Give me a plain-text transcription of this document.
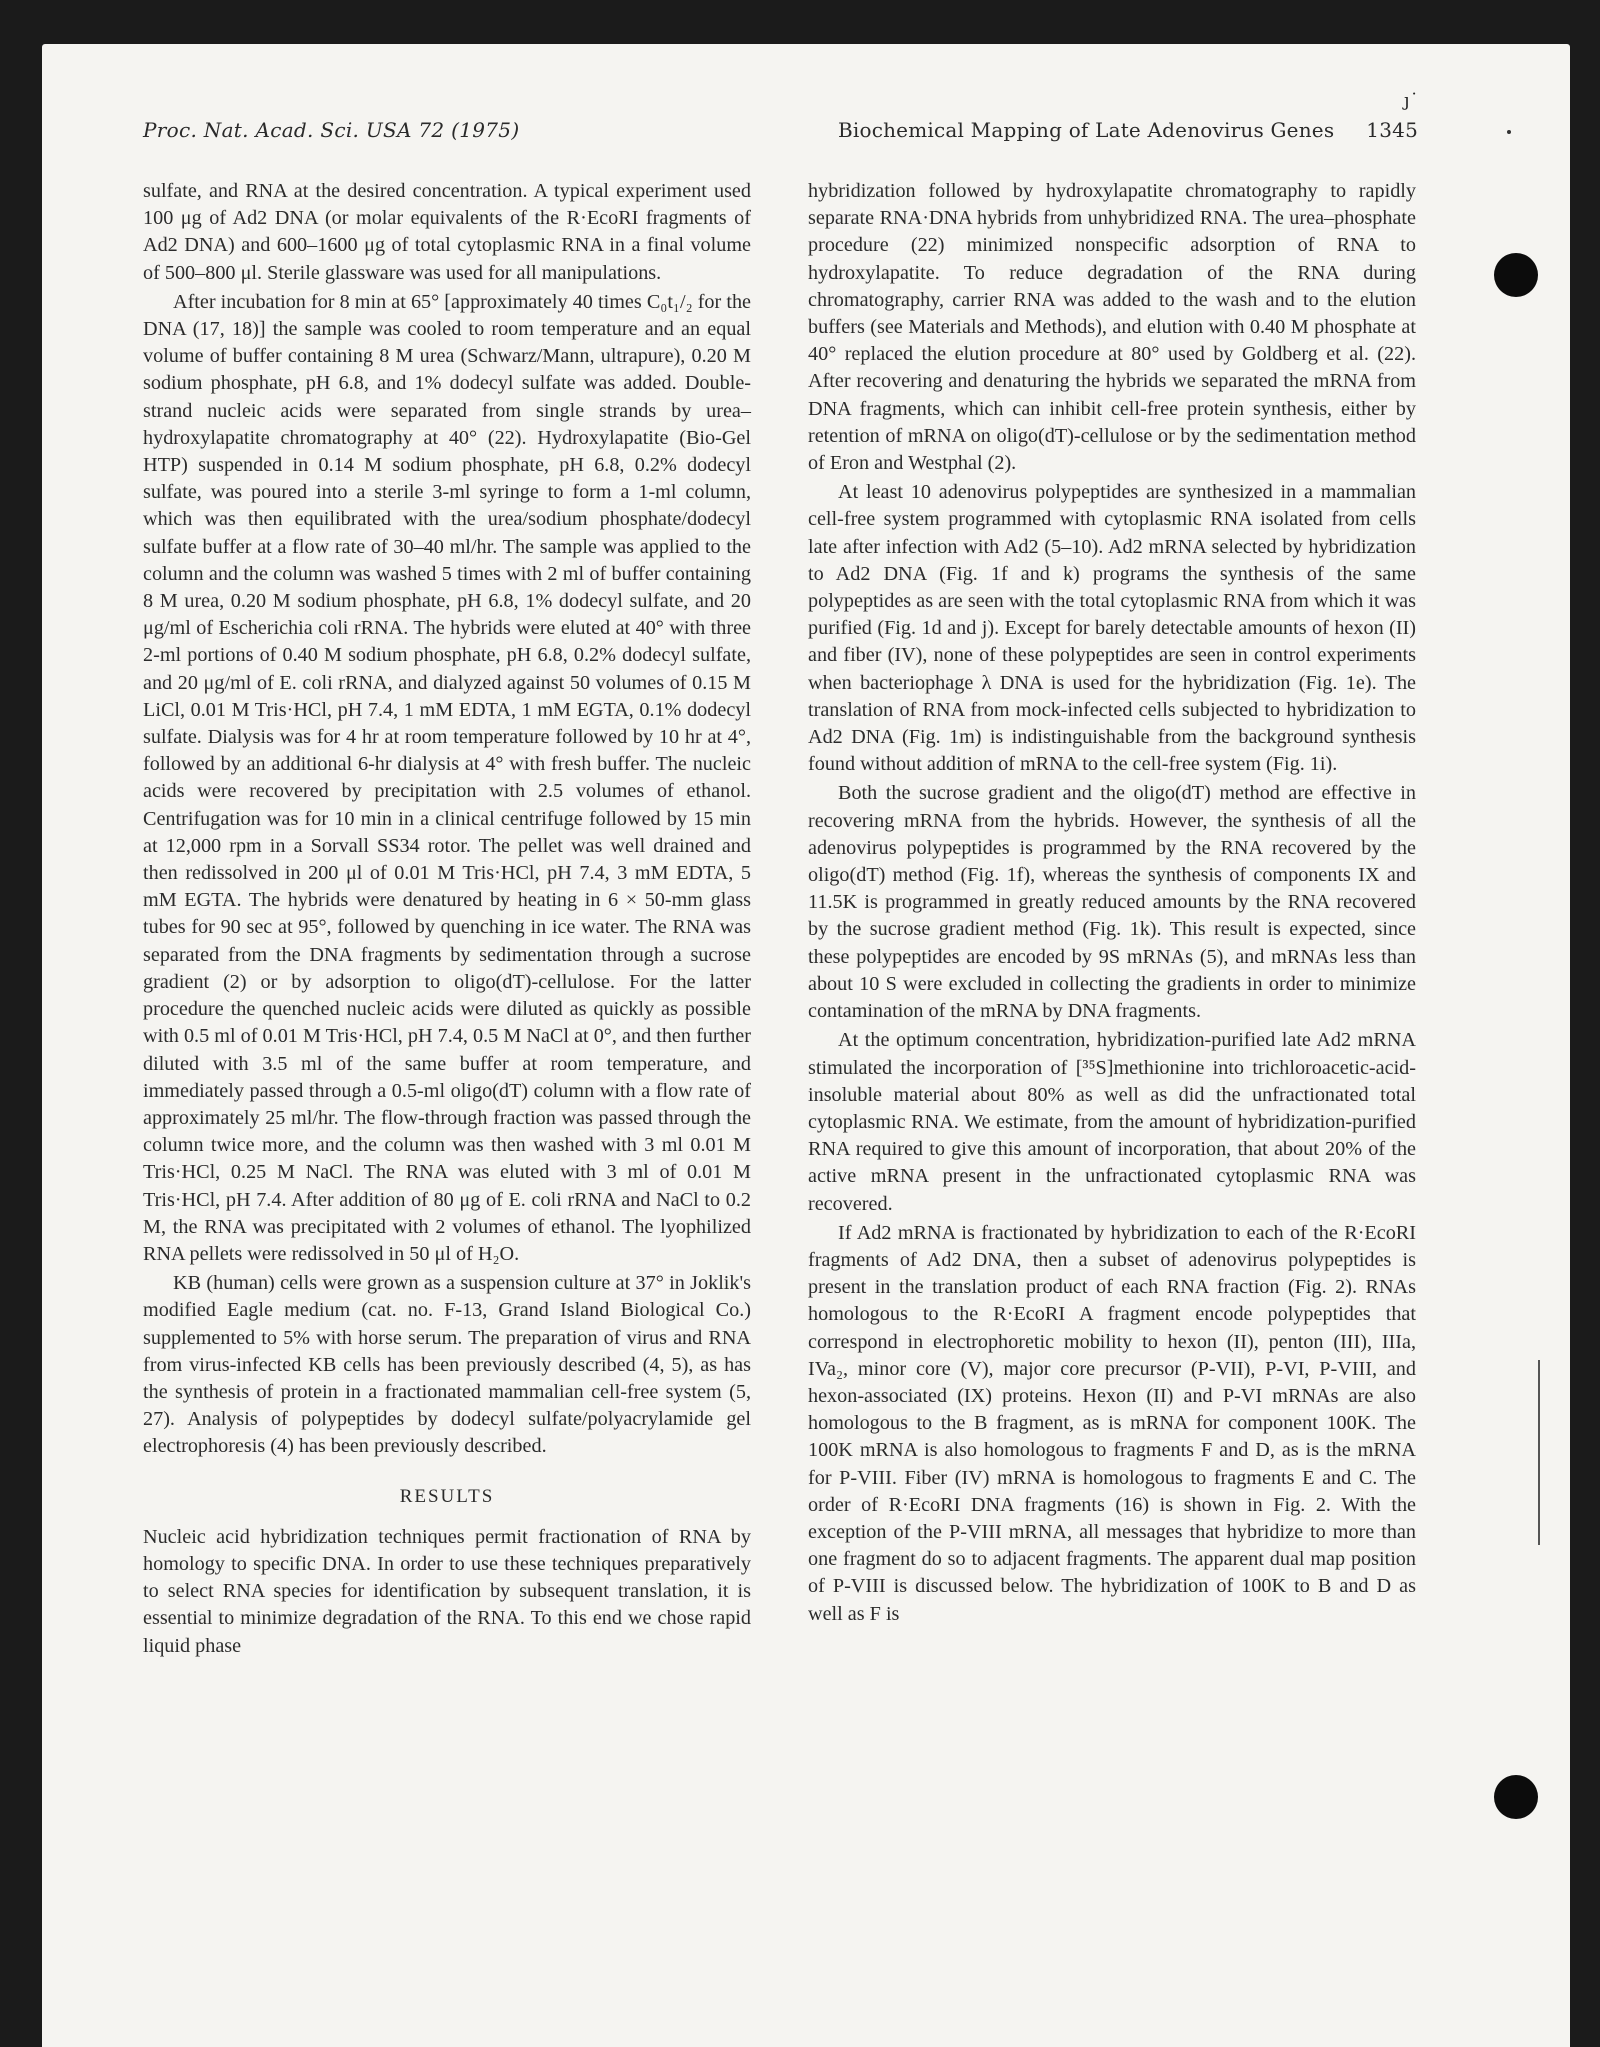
ȷ˙
Proc. Nat. Acad. Sci. USA 72 (1975)	Biochemical Mapping of Late Adenovirus Genes 1345

sulfate, and RNA at the desired concentration. A typical experiment used 100 μg of Ad2 DNA (or molar equivalents of the R·EcoRI fragments of Ad2 DNA) and 600–1600 μg of total cytoplasmic RNA in a final volume of 500–800 μl. Sterile glassware was used for all manipulations.

After incubation for 8 min at 65° [approximately 40 times C₀t₁/₂ for the DNA (17, 18)] the sample was cooled to room temperature and an equal volume of buffer containing 8 M urea (Schwarz/Mann, ultrapure), 0.20 M sodium phosphate, pH 6.8, and 1% dodecyl sulfate was added. Double-strand nucleic acids were separated from single strands by urea–hydroxylapatite chromatography at 40° (22). Hydroxylapatite (Bio-Gel HTP) suspended in 0.14 M sodium phosphate, pH 6.8, 0.2% dodecyl sulfate, was poured into a sterile 3-ml syringe to form a 1-ml column, which was then equilibrated with the urea/sodium phosphate/dodecyl sulfate buffer at a flow rate of 30–40 ml/hr. The sample was applied to the column and the column was washed 5 times with 2 ml of buffer containing 8 M urea, 0.20 M sodium phosphate, pH 6.8, 1% dodecyl sulfate, and 20 μg/ml of Escherichia coli rRNA. The hybrids were eluted at 40° with three 2-ml portions of 0.40 M sodium phosphate, pH 6.8, 0.2% dodecyl sulfate, and 20 μg/ml of E. coli rRNA, and dialyzed against 50 volumes of 0.15 M LiCl, 0.01 M Tris·HCl, pH 7.4, 1 mM EDTA, 1 mM EGTA, 0.1% dodecyl sulfate. Dialysis was for 4 hr at room temperature followed by 10 hr at 4°, followed by an additional 6-hr dialysis at 4° with fresh buffer. The nucleic acids were recovered by precipitation with 2.5 volumes of ethanol. Centrifugation was for 10 min in a clinical centrifuge followed by 15 min at 12,000 rpm in a Sorvall SS34 rotor. The pellet was well drained and then redissolved in 200 μl of 0.01 M Tris·HCl, pH 7.4, 3 mM EDTA, 5 mM EGTA. The hybrids were denatured by heating in 6 × 50-mm glass tubes for 90 sec at 95°, followed by quenching in ice water. The RNA was separated from the DNA fragments by sedimentation through a sucrose gradient (2) or by adsorption to oligo(dT)-cellulose. For the latter procedure the quenched nucleic acids were diluted as quickly as possible with 0.5 ml of 0.01 M Tris·HCl, pH 7.4, 0.5 M NaCl at 0°, and then further diluted with 3.5 ml of the same buffer at room temperature, and immediately passed through a 0.5-ml oligo(dT) column with a flow rate of approximately 25 ml/hr. The flow-through fraction was passed through the column twice more, and the column was then washed with 3 ml 0.01 M Tris·HCl, 0.25 M NaCl. The RNA was eluted with 3 ml of 0.01 M Tris·HCl, pH 7.4. After addition of 80 μg of E. coli rRNA and NaCl to 0.2 M, the RNA was precipitated with 2 volumes of ethanol. The lyophilized RNA pellets were redissolved in 50 μl of H₂O.

KB (human) cells were grown as a suspension culture at 37° in Joklik's modified Eagle medium (cat. no. F-13, Grand Island Biological Co.) supplemented to 5% with horse serum. The preparation of virus and RNA from virus-infected KB cells has been previously described (4, 5), as has the synthesis of protein in a fractionated mammalian cell-free system (5, 27). Analysis of polypeptides by dodecyl sulfate/polyacrylamide gel electrophoresis (4) has been previously described.

RESULTS

Nucleic acid hybridization techniques permit fractionation of RNA by homology to specific DNA. In order to use these techniques preparatively to select RNA species for identification by subsequent translation, it is essential to minimize degradation of the RNA. To this end we chose rapid liquid phase

hybridization followed by hydroxylapatite chromatography to rapidly separate RNA·DNA hybrids from unhybridized RNA. The urea–phosphate procedure (22) minimized nonspecific adsorption of RNA to hydroxylapatite. To reduce degradation of the RNA during chromatography, carrier RNA was added to the wash and to the elution buffers (see Materials and Methods), and elution with 0.40 M phosphate at 40° replaced the elution procedure at 80° used by Goldberg et al. (22). After recovering and denaturing the hybrids we separated the mRNA from DNA fragments, which can inhibit cell-free protein synthesis, either by retention of mRNA on oligo(dT)-cellulose or by the sedimentation method of Eron and Westphal (2).

At least 10 adenovirus polypeptides are synthesized in a mammalian cell-free system programmed with cytoplasmic RNA isolated from cells late after infection with Ad2 (5–10). Ad2 mRNA selected by hybridization to Ad2 DNA (Fig. 1f and k) programs the synthesis of the same polypeptides as are seen with the total cytoplasmic RNA from which it was purified (Fig. 1d and j). Except for barely detectable amounts of hexon (II) and fiber (IV), none of these polypeptides are seen in control experiments when bacteriophage λ DNA is used for the hybridization (Fig. 1e). The translation of RNA from mock-infected cells subjected to hybridization to Ad2 DNA (Fig. 1m) is indistinguishable from the background synthesis found without addition of mRNA to the cell-free system (Fig. 1i).

Both the sucrose gradient and the oligo(dT) method are effective in recovering mRNA from the hybrids. However, the synthesis of all the adenovirus polypeptides is programmed by the RNA recovered by the oligo(dT) method (Fig. 1f), whereas the synthesis of components IX and 11.5K is programmed in greatly reduced amounts by the RNA recovered by the sucrose gradient method (Fig. 1k). This result is expected, since these polypeptides are encoded by 9S mRNAs (5), and mRNAs less than about 10 S were excluded in collecting the gradients in order to minimize contamination of the mRNA by DNA fragments.

At the optimum concentration, hybridization-purified late Ad2 mRNA stimulated the incorporation of [³⁵S]methionine into trichloroacetic-acid-insoluble material about 80% as well as did the unfractionated total cytoplasmic RNA. We estimate, from the amount of hybridization-purified RNA required to give this amount of incorporation, that about 20% of the active mRNA present in the unfractionated cytoplasmic RNA was recovered.

If Ad2 mRNA is fractionated by hybridization to each of the R·EcoRI fragments of Ad2 DNA, then a subset of adenovirus polypeptides is present in the translation product of each RNA fraction (Fig. 2). RNAs homologous to the R·EcoRI A fragment encode polypeptides that correspond in electrophoretic mobility to hexon (II), penton (III), IIIa, IVa₂, minor core (V), major core precursor (P-VII), P-VI, P-VIII, and hexon-associated (IX) proteins. Hexon (II) and P-VI mRNAs are also homologous to the B fragment, as is mRNA for component 100K. The 100K mRNA is also homologous to fragments F and D, as is the mRNA for P-VIII. Fiber (IV) mRNA is homologous to fragments E and C. The order of R·EcoRI DNA fragments (16) is shown in Fig. 2. With the exception of the P-VIII mRNA, all messages that hybridize to more than one fragment do so to adjacent fragments. The apparent dual map position of P-VIII is discussed below. The hybridization of 100K to B and D as well as F is
